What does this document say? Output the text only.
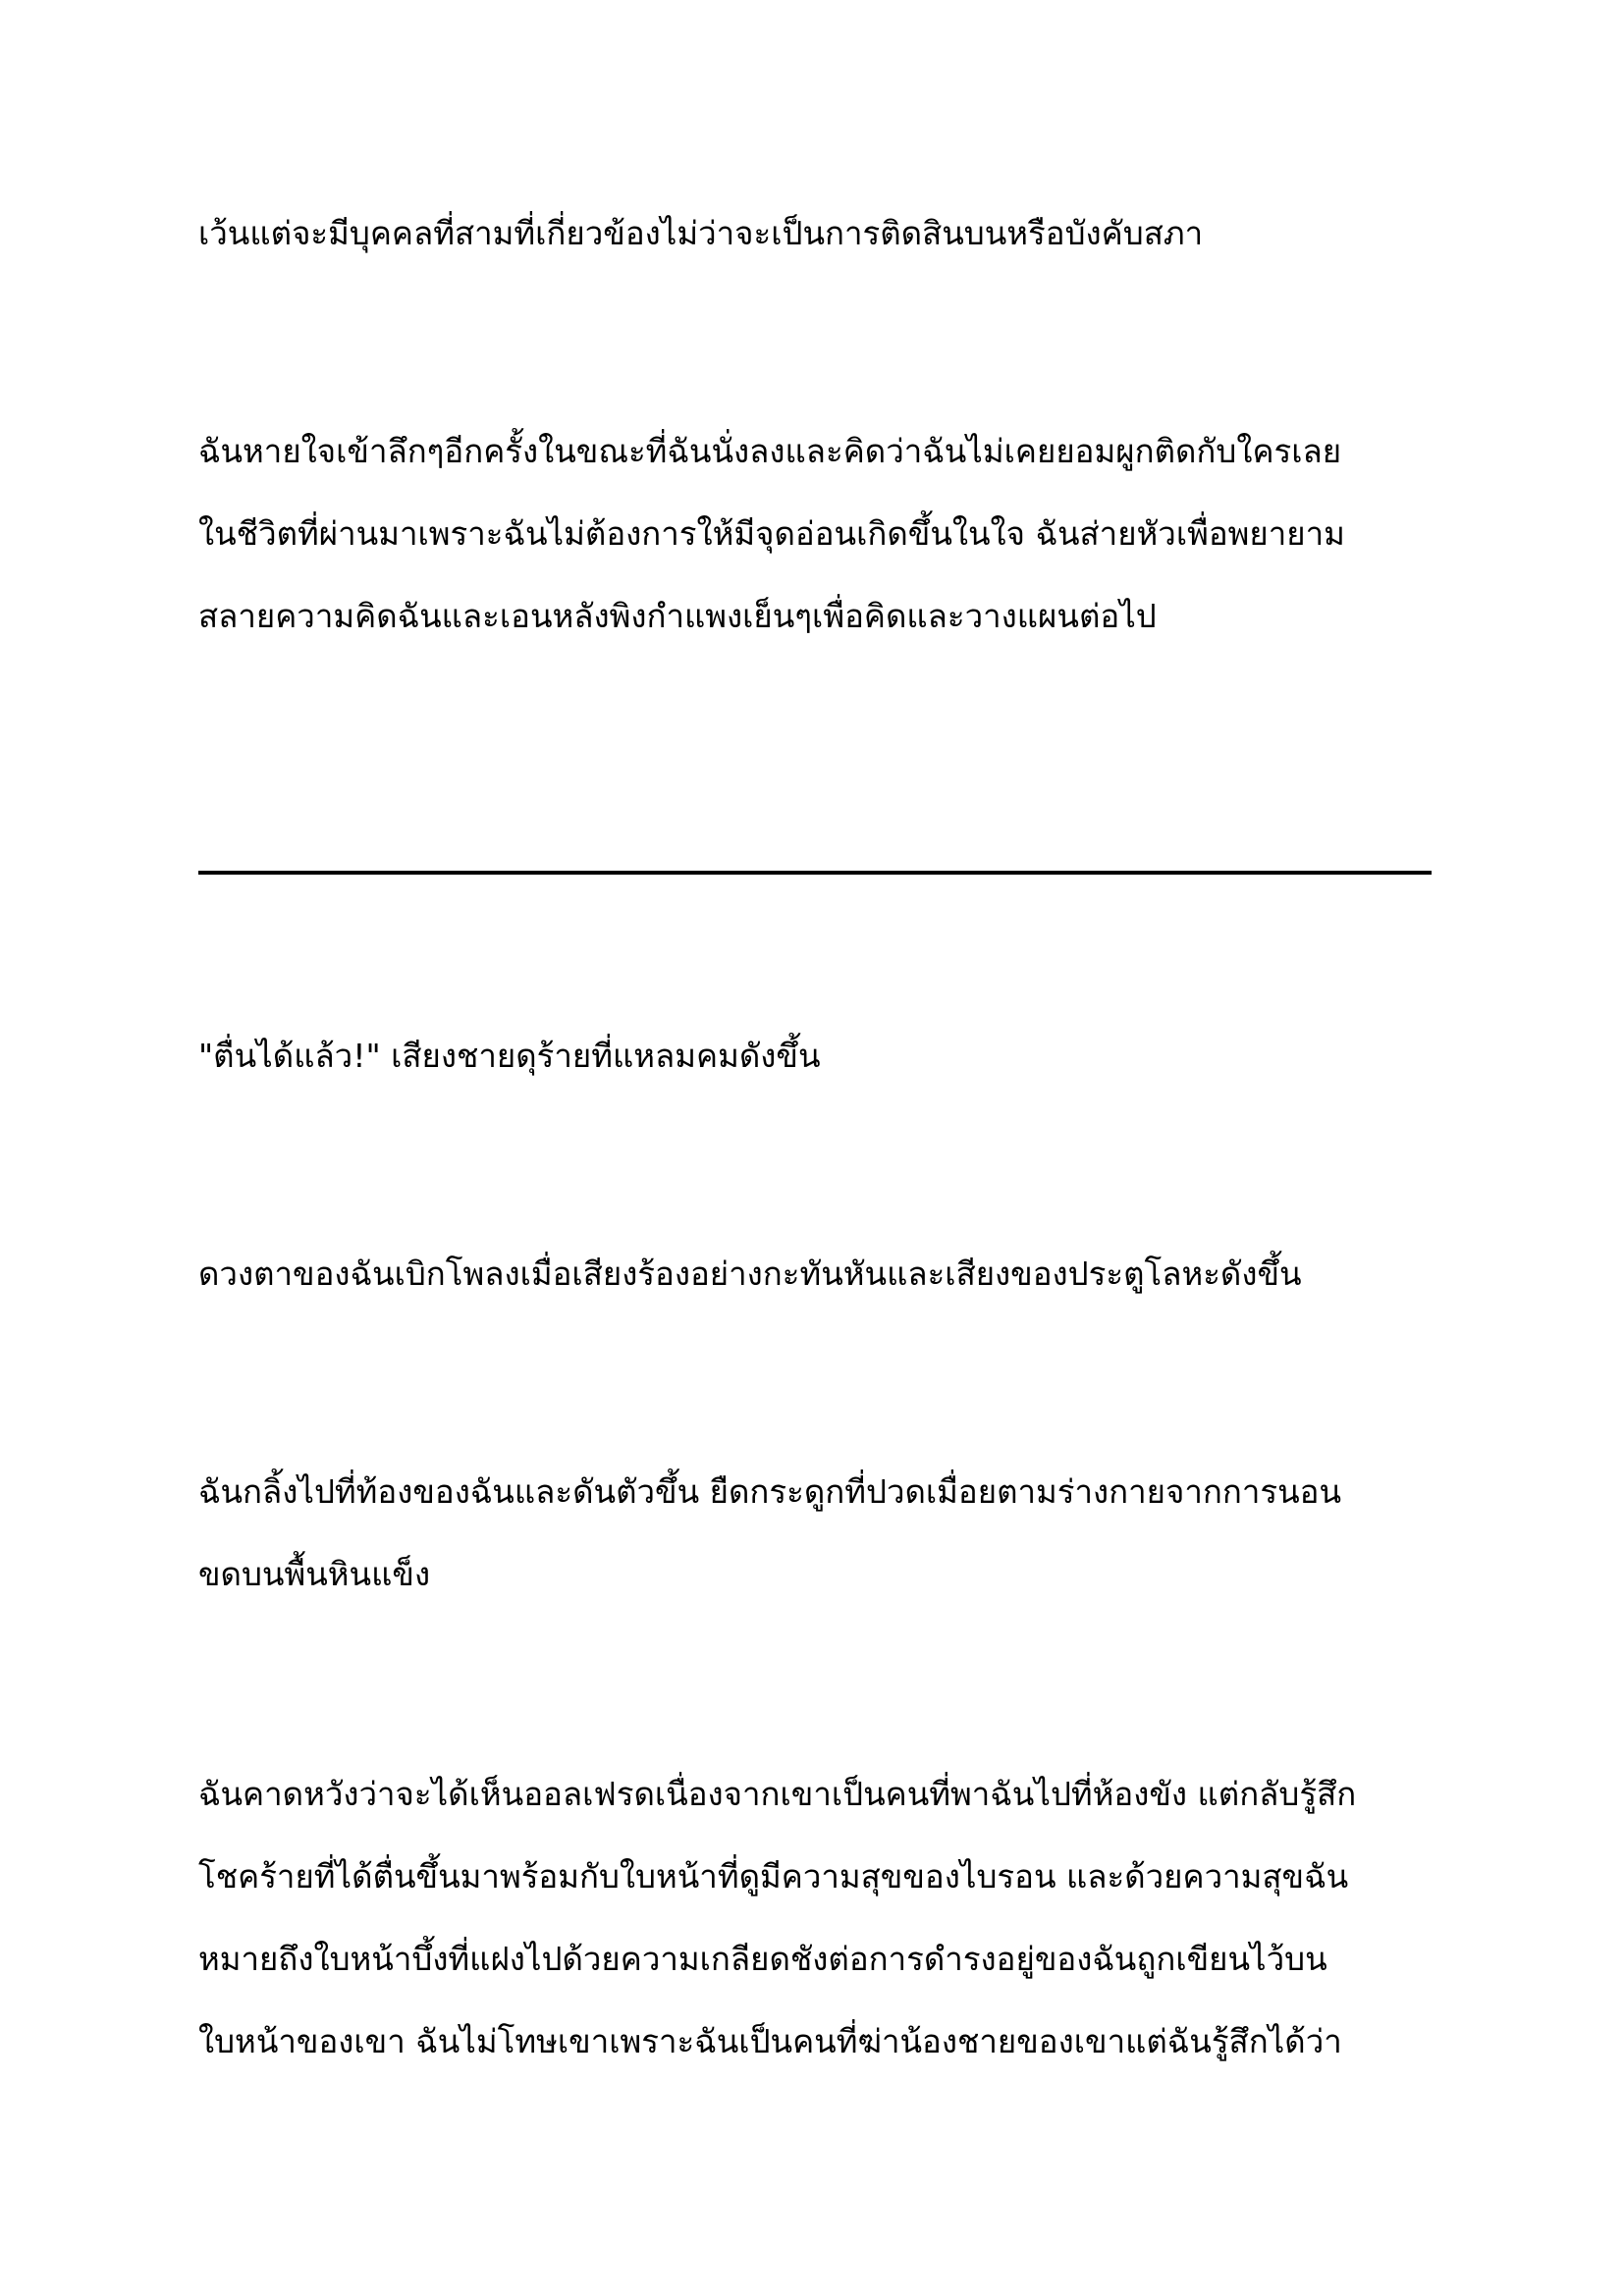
เว้นแต่จะมีบุคคลที่สามที่เกี่ยวข้องไม่ว่าจะเป็นการติดสินบนหรือบังคับสภา
ฉันหายใจเข้าลึกๆอีกครั้งในขณะที่ฉันนั่งลงและคิดว่าฉันไม่เคยยอมผูกติดกับใครเลย
ในชีวิตที่ผ่านมาเพราะฉันไม่ต้องการให้มีจุดอ่อนเกิดขึ้นในใจ ฉันส่ายหัวเพื่อพยายาม
สลายความคิดฉันและเอนหลังพิงกำแพงเย็นๆเพื่อคิดและวางแผนต่อไป
"ตื่นได้แล้ว!" เสียงชายดุร้ายที่แหลมคมดังขึ้น
ดวงตาของฉันเบิกโพลงเมื่อเสียงร้องอย่างกะทันหันและเสียงของประตูโลหะดังขึ้น
ฉันกลิ้งไปที่ท้องของฉันและดันตัวขึ้น ยืดกระดูกที่ปวดเมื่อยตามร่างกายจากการนอน
ขดบนพื้นหินแข็ง
ฉันคาดหวังว่าจะได้เห็นออลเฟรดเนื่องจากเขาเป็นคนที่พาฉันไปที่ห้องขัง แต่กลับรู้สึก
โชคร้ายที่ได้ตื่นขึ้นมาพร้อมกับใบหน้าที่ดูมีความสุขของไบรอน และด้วยความสุขฉัน
หมายถึงใบหน้าบึ้งที่แฝงไปด้วยความเกลียดชังต่อการดำรงอยู่ของฉันถูกเขียนไว้บน
ใบหน้าของเขา ฉันไม่โทษเขาเพราะฉันเป็นคนที่ฆ่าน้องชายของเขาแต่ฉันรู้สึกได้ว่า
